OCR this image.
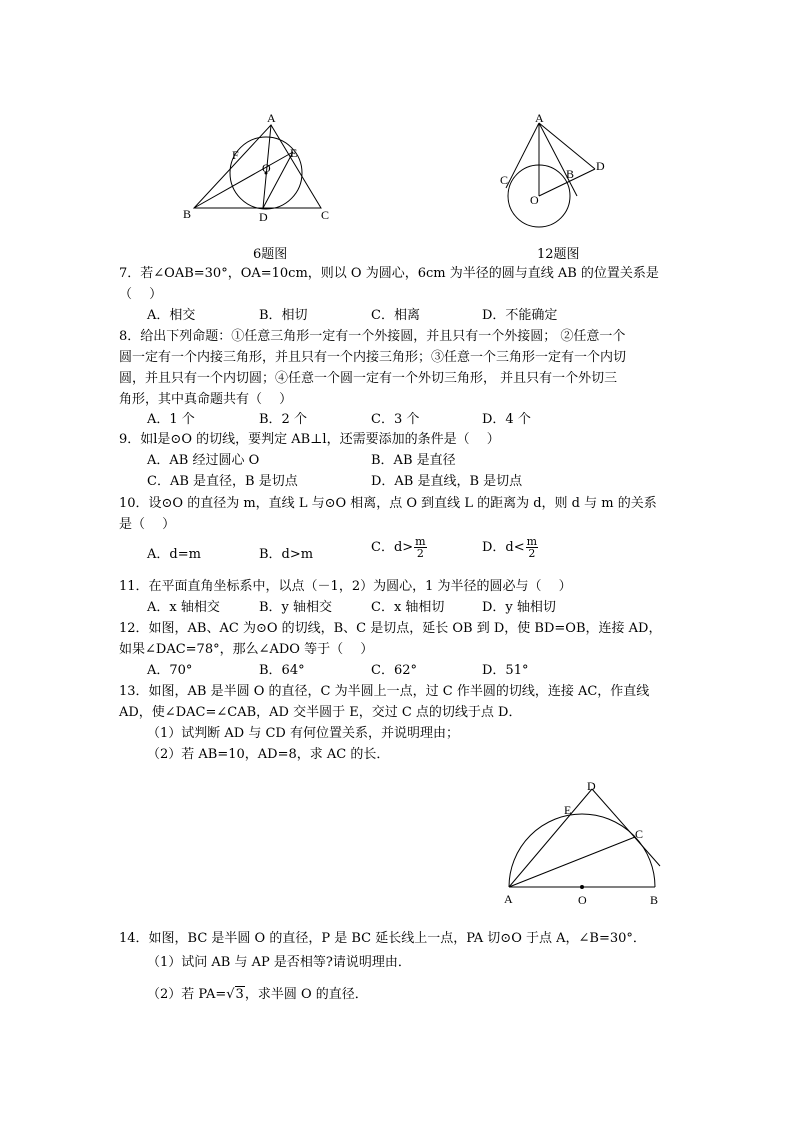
A
F	E
O
B	D	C
6题图
A
D
B
C
O
12题图
7．若∠OAB=30°，OA=10cm，则以 O 为圆心，6cm 为半径的圆与直线 AB 的位置关系是
（　 ）
A．相交	B．相切	C．相离	D．不能确定
8．给出下列命题：①任意三角形一定有一个外接圆，并且只有一个外接圆； ②任意一个
圆一定有一个内接三角形，并且只有一个内接三角形；③任意一个三角形一定有一个内切
圆，并且只有一个内切圆；④任意一个圆一定有一个外切三角形， 并且只有一个外切三
角形，其中真命题共有（　 ）
A．1 个	B．2 个	C．3 个	D．4 个
9．如l是⊙O 的切线，要判定 AB⊥l，还需要添加的条件是（　 ）
A．AB 经过圆心 O	B．AB 是直径
C．AB 是直径，B 是切点	D．AB 是直线，B 是切点
10．设⊙O 的直径为 m，直线 L 与⊙O 相离，点 O 到直线 L 的距离为 d，则 d 与 m 的关系
是（　 ）
A．d=m	B．d>m	C．$d> \frac{m}{2}$	D．$d< \frac{m}{2}$
11．在平面直角坐标系中，以点（－1，2）为圆心，1 为半径的圆必与（　 ）
A．x 轴相交	B．y 轴相交	C．x 轴相切	D．y 轴相切
12．如图，AB、AC 为⊙O 的切线，B、C 是切点，延长 OB 到 D，使 BD=OB，连接 AD，
如果∠DAC=78°，那么∠ADO 等于（　 ）
A．70°	B．64°	C．62°	D．51°
13．如图，AB 是半圆 O 的直径，C 为半圆上一点，过 C 作半圆的切线，连接 AC，作直线
AD，使∠DAC=∠CAB，AD 交半圆于 E，交过 C 点的切线于点 D．
（1）试判断 AD 与 CD 有何位置关系，并说明理由；
（2）若 AB=10，AD=8，求 AC 的长．
D
E
C
A	O	B
14．如图，BC 是半圆 O 的直径，P 是 BC 延长线上一点，PA 切⊙O 于点 A，∠B=30°．
（1）试问 AB 与 AP 是否相等?请说明理由．
（2）若 PA=√3，求半圆 O 的直径．
